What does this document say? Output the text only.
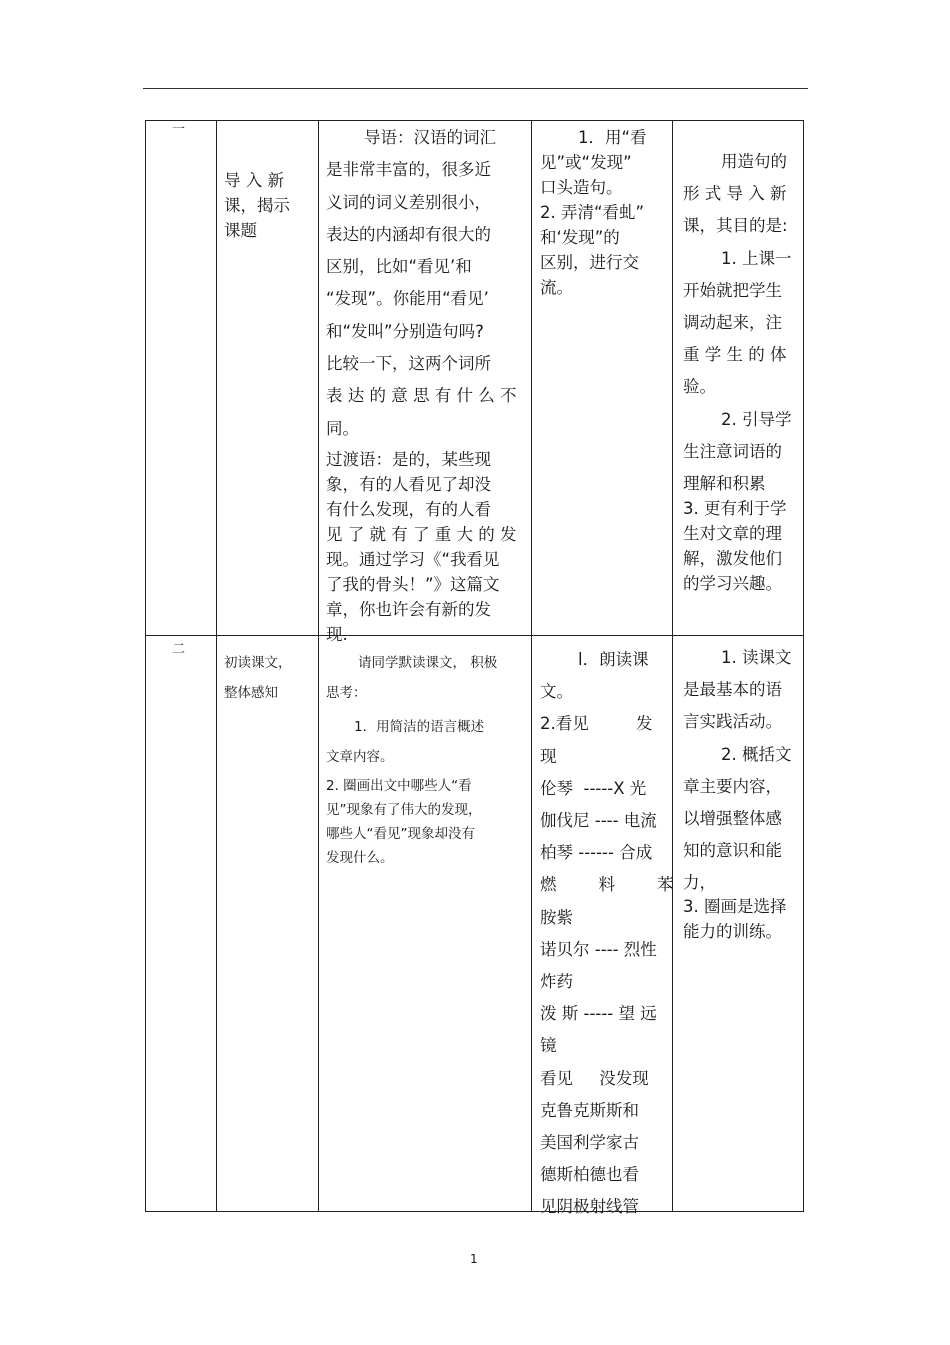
一

导 入 新

课，揭示

课题

导语：汉语的词汇

是非常丰富的，很多近

义词的词义差别很小，

表达的内涵却有很大的

区别，比如“看见’和

“发现”。你能用“看见’

和“发叫”分别造句吗?

比较一下，这两个词所

表 达 的 意 思 有 什 么 不

同。

过渡语：是的，某些现

象，有的人看见了却没

有什么发现，有的人看

见 了 就 有 了 重 大 的 发

现。通过学习《“我看见

了我的骨头！”》这篇文

章，你也许会有新的发

现.

1．用“看

见”或“发现”

口头造句。

2. 弄清“看虬”

和‘发现”的

区别，进行交

流。

用造句的

形 式 导 入 新

课，其目的是:

1. 上课一

开始就把学生

调动起来，注

重 学 生 的 体

验。

2. 引导学

生注意词语的

理解和积累

3. 更有利于学

生对文章的理

解，激发他们

的学习兴趣。

二

初读课文，

整体感知

请同学默读课文， 积极

思考：

1．用简洁的语言概述

文章内容。

2. 圈画出文中哪些人“看

见”现象有了伟大的发现，

哪些人“看见”现象却没有

发现什么。

l．朗读课

文。

2.看见         发

现

伦琴  -----X 光

伽伐尼 ---- 电流

柏琴 ------ 合成

燃        料        苯

胺紫

诺贝尔 ---- 烈性

炸药

泼 斯 ----- 望 远

镜

看见     没发现

克鲁克斯斯和

美国利学家古

德斯柏德也看

见阴极射线管

1. 读课文

是最基本的语

言实践活动。

2. 概括文

章主要内容，

以增强整体感

知的意识和能

力，

3. 圈画是选择

能力的训练。

1
